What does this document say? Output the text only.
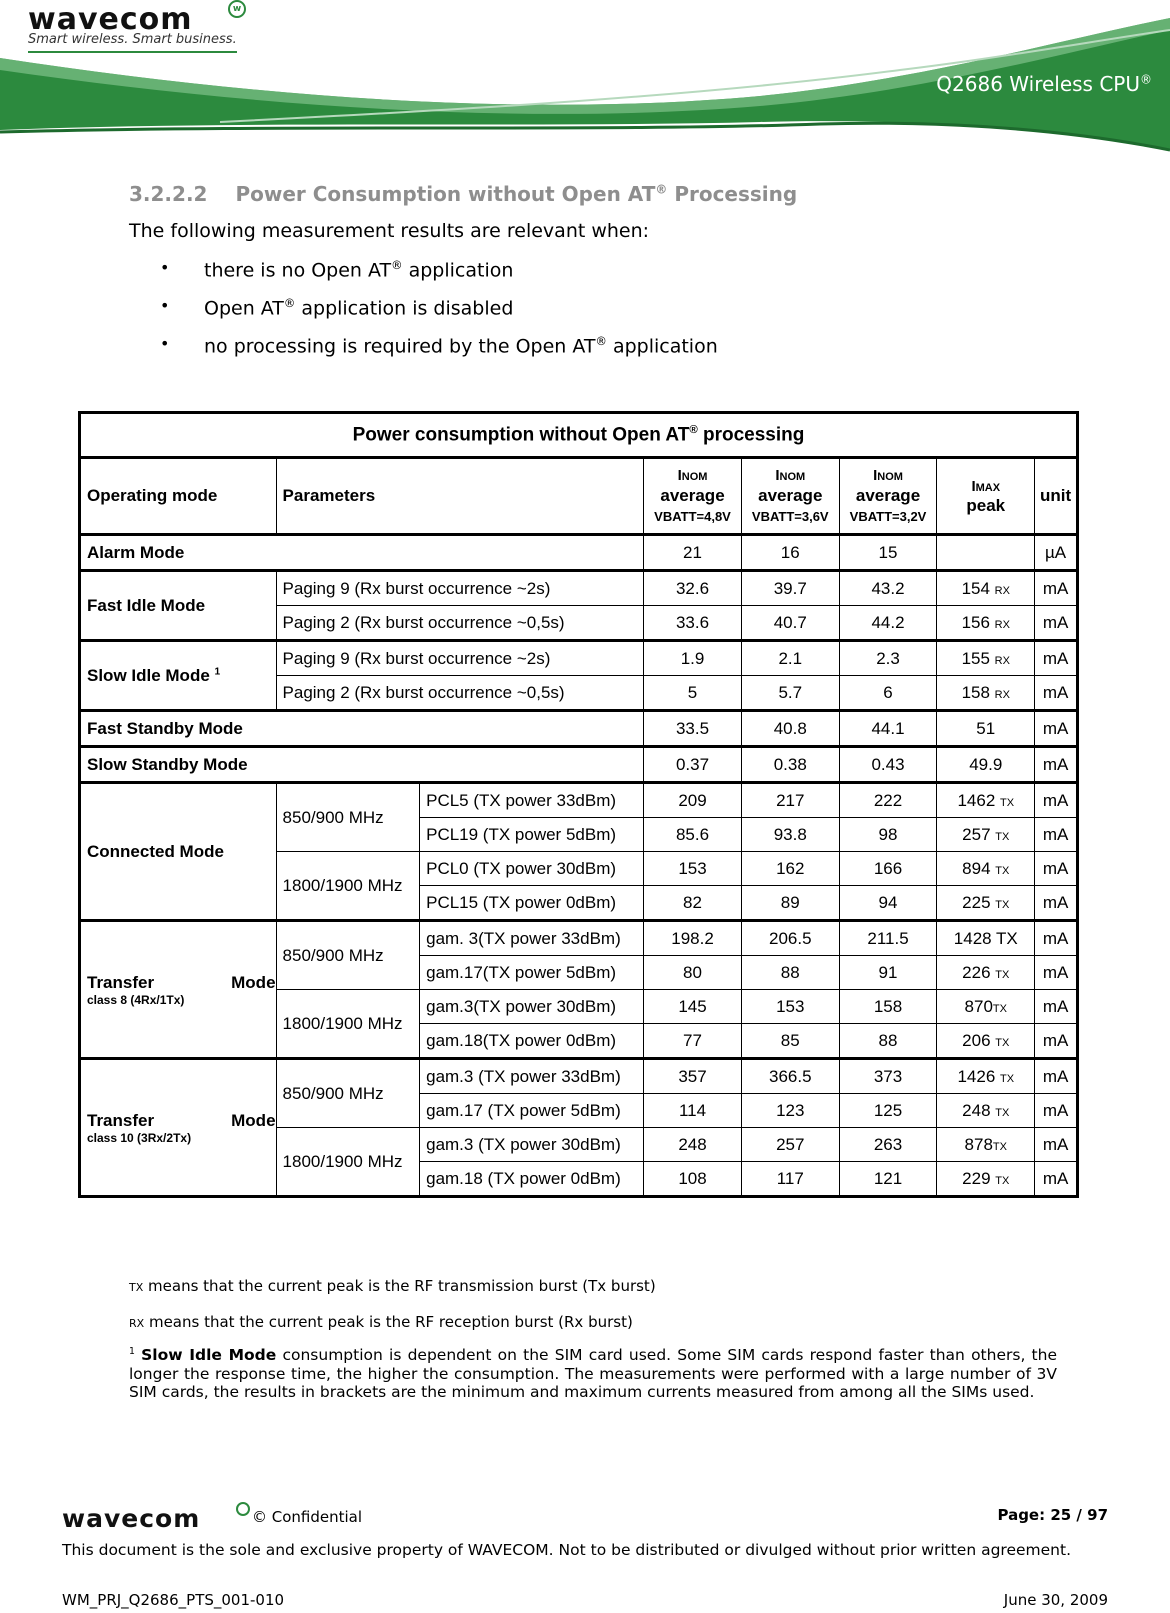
wavecom	w
Smart wireless. Smart business.
Q2686 Wireless CPU®
3.2.2.2 Power Consumption without Open AT® Processing
The following measurement results are relevant when:
• there is no Open AT® application
• Open AT® application is disabled
• no processing is required by the Open AT® application
Power consumption without Open AT® processing							
Operating mode	Parameters		INOM
average
VBATT=4,8V	INOM
average
VBATT=3,6V	INOM
average
VBATT=3,2V	IMAX
peak	unit
Alarm Mode			21	16	15		µA
Fast Idle Mode	Paging 9 (Rx burst occurrence ~2s)		32.6	39.7	43.2	154 RX	mA
	Paging 2 (Rx burst occurrence ~0,5s)		33.6	40.7	44.2	156 RX	mA
Slow Idle Mode $^1$	Paging 9 (Rx burst occurrence ~2s)		1.9	2.1	2.3	155 RX	mA
	Paging 2 (Rx burst occurrence ~0,5s)		5	5.7	6	158 RX	mA
Fast Standby Mode			33.5	40.8	44.1	51	mA
Slow Standby Mode			0.37	0.38	0.43	49.9	mA
Connected Mode	850/900 MHz	PCL5 (TX power 33dBm)	209	217	222	1462 TX	mA
		PCL19 (TX power 5dBm)	85.6	93.8	98	257 TX	mA
	1800/1900 MHz	PCL0 (TX power 30dBm)	153	162	166	894 TX	mA
		PCL15 (TX power 0dBm)	82	89	94	225 TX	mA

Transfer Mode
class 8 (4Rx/1Tx)	850/900 MHz	gam. 3(TX power 33dBm)	198.2	206.5	211.5	1428 TX	mA
		gam.17(TX power 5dBm)	80	88	91	226 TX	mA
	1800/1900 MHz	gam.3(TX power 30dBm)	145	153	158	870TX	mA
		gam.18(TX power 0dBm)	77	85	88	206 TX	mA

Transfer Mode
class 10 (3Rx/2Tx)	850/900 MHz	gam.3 (TX power 33dBm)	357	366.5	373	1426 TX	mA
		gam.17 (TX power 5dBm)	114	123	125	248 TX	mA
	1800/1900 MHz	gam.3 (TX power 30dBm)	248	257	263	878TX	mA
		gam.18 (TX power 0dBm)	108	117	121	229 TX	mA
TX means that the current peak is the RF transmission burst (Tx burst)
RX means that the current peak is the RF reception burst (Rx burst)
$^1$ Slow Idle Mode consumption is dependent on the SIM card used. Some SIM cards respond faster than others, the longer the response time, the higher the consumption. The measurements were performed with a large number of 3V SIM cards, the results in brackets are the minimum and maximum currents measured from among all the SIMs used.
wavecom	© Confidential	Page: 25 / 97
This document is the sole and exclusive property of WAVECOM. Not to be distributed or divulged without prior written agreement.
WM_PRJ_Q2686_PTS_001-010	June 30, 2009
